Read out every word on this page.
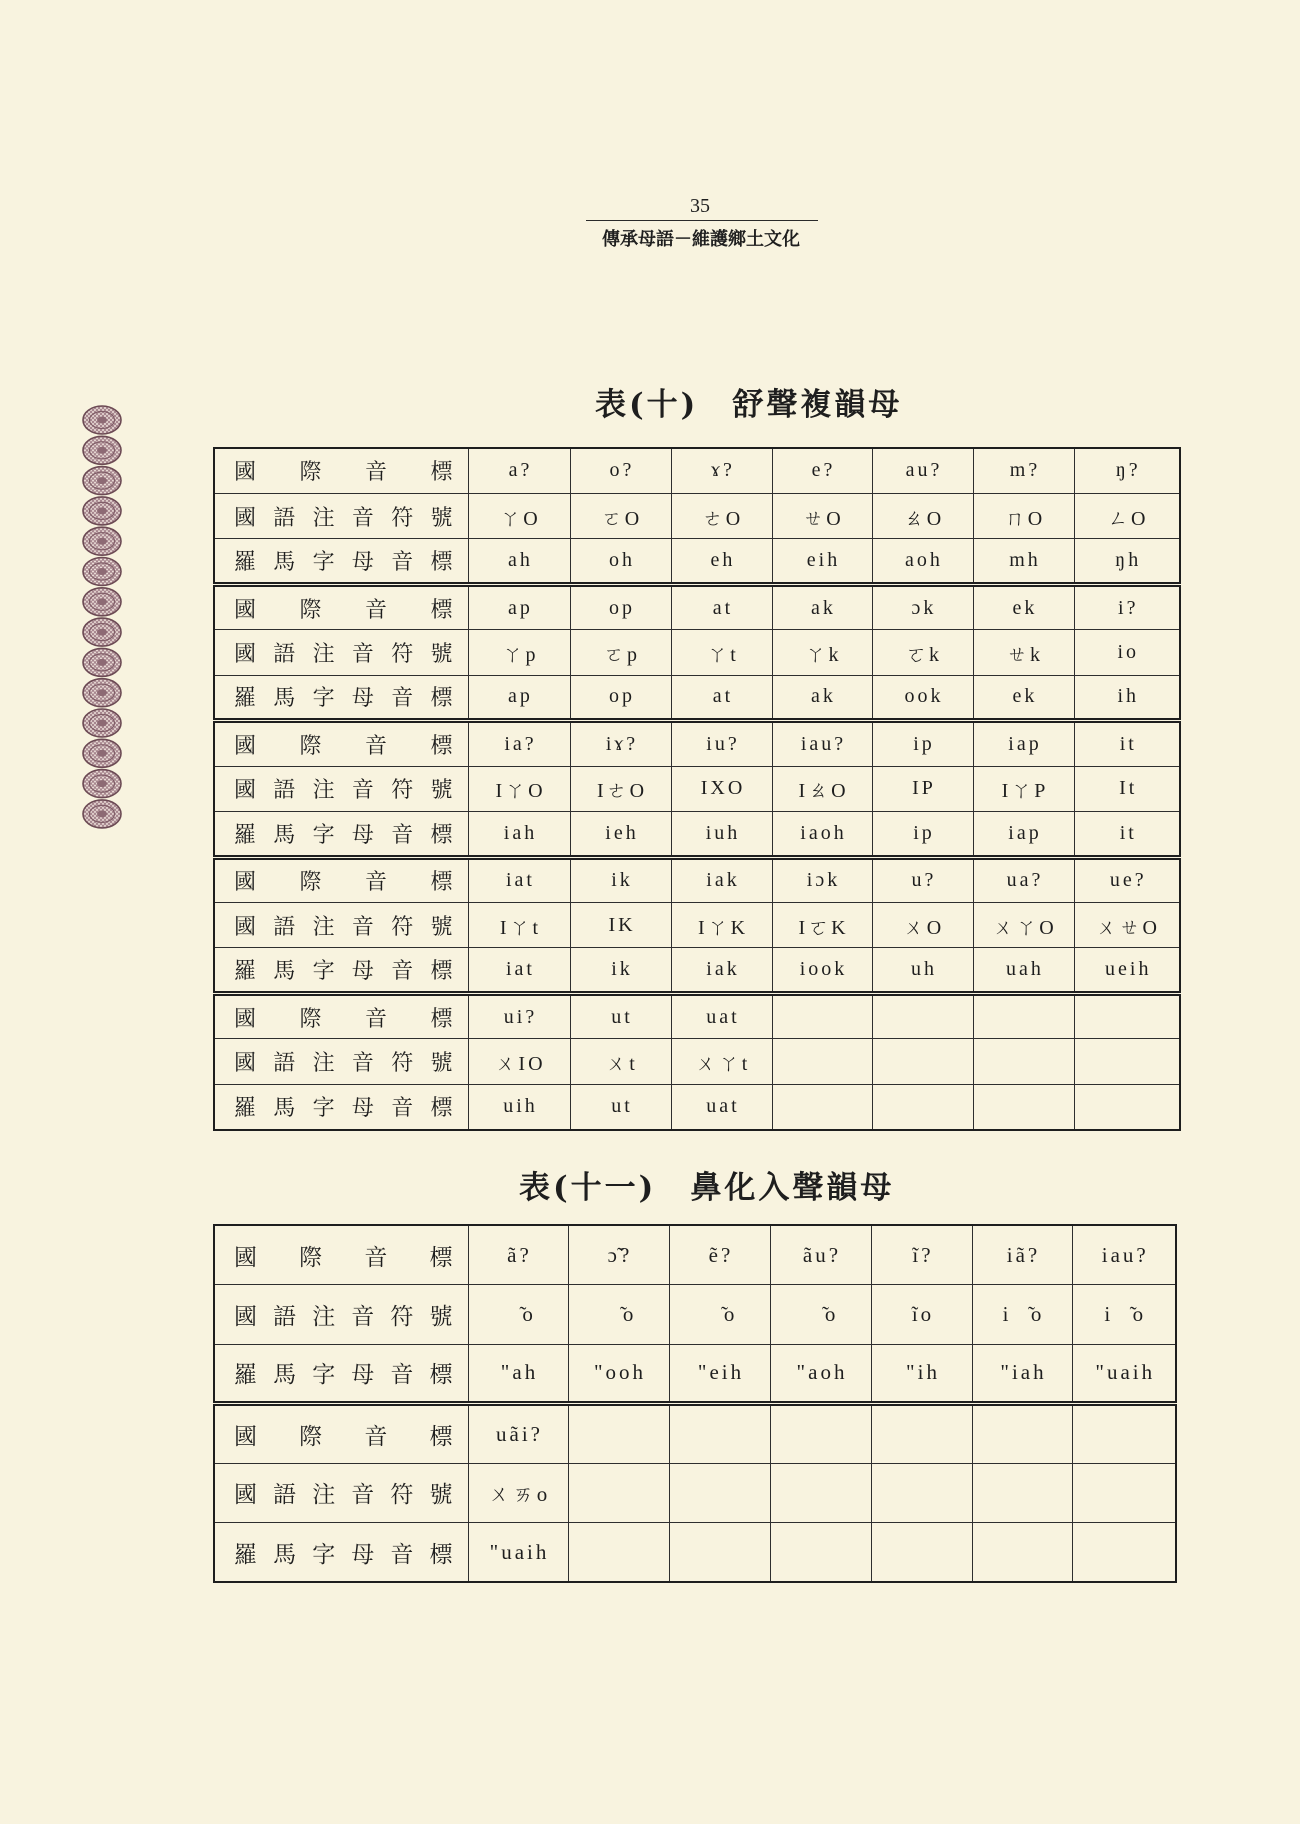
35
傳承母語－維護鄉土文化
表(十) 舒聲複韻母
國際音標	a?	o?	ɤ?	e?	au?	m?	ŋ?
國語注音符號	ㄚO	ㄛO	ㄜO	ㄝO	ㄠO	ㄇO	ㄥO
羅馬字母音標	ah	oh	eh	eih	aoh	mh	ŋh
國際音標	ap	op	at	ak	ɔk	ek	i?
國語注音符號	ㄚp	ㄛp	ㄚt	ㄚk	ㆦk	ㄝk	io
羅馬字母音標	ap	op	at	ak	ook	ek	ih
國際音標	ia?	iɤ?	iu?	iau?	ip	iap	it
國語注音符號	IㄚO	IㄜO	IXO	IㄠO	IP	IㄚP	It
羅馬字母音標	iah	ieh	iuh	iaoh	ip	iap	it
國際音標	iat	ik	iak	iɔk	u?	ua?	ue?
國語注音符號	Iㄚt	IK	IㄚK	IㆦK	ㄨO	ㄨㄚO	ㄨㄝO
羅馬字母音標	iat	ik	iak	iook	uh	uah	ueih
國際音標	ui?	ut	uat				
國語注音符號	ㄨIO	ㄨt	ㄨㄚt				
羅馬字母音標	uih	ut	uat				
表(十一) 鼻化入聲韻母
國際音標	ã?	ɔ̃?	ẽ?	ãu?	ĩ?	iã?	iau?
國語注音符號	ㄚ̃o	ㆦ̃o	ㄝ̃o	ㄠ̃o	ĩo	iㄚ̃o	iㄠ̃o
羅馬字母音標	"ah	"ooh	"eih	"aoh	"ih	"iah	"uaih
國際音標	uãi?						
國語注音符號	ㄨㄞo						
羅馬字母音標	"uaih						
